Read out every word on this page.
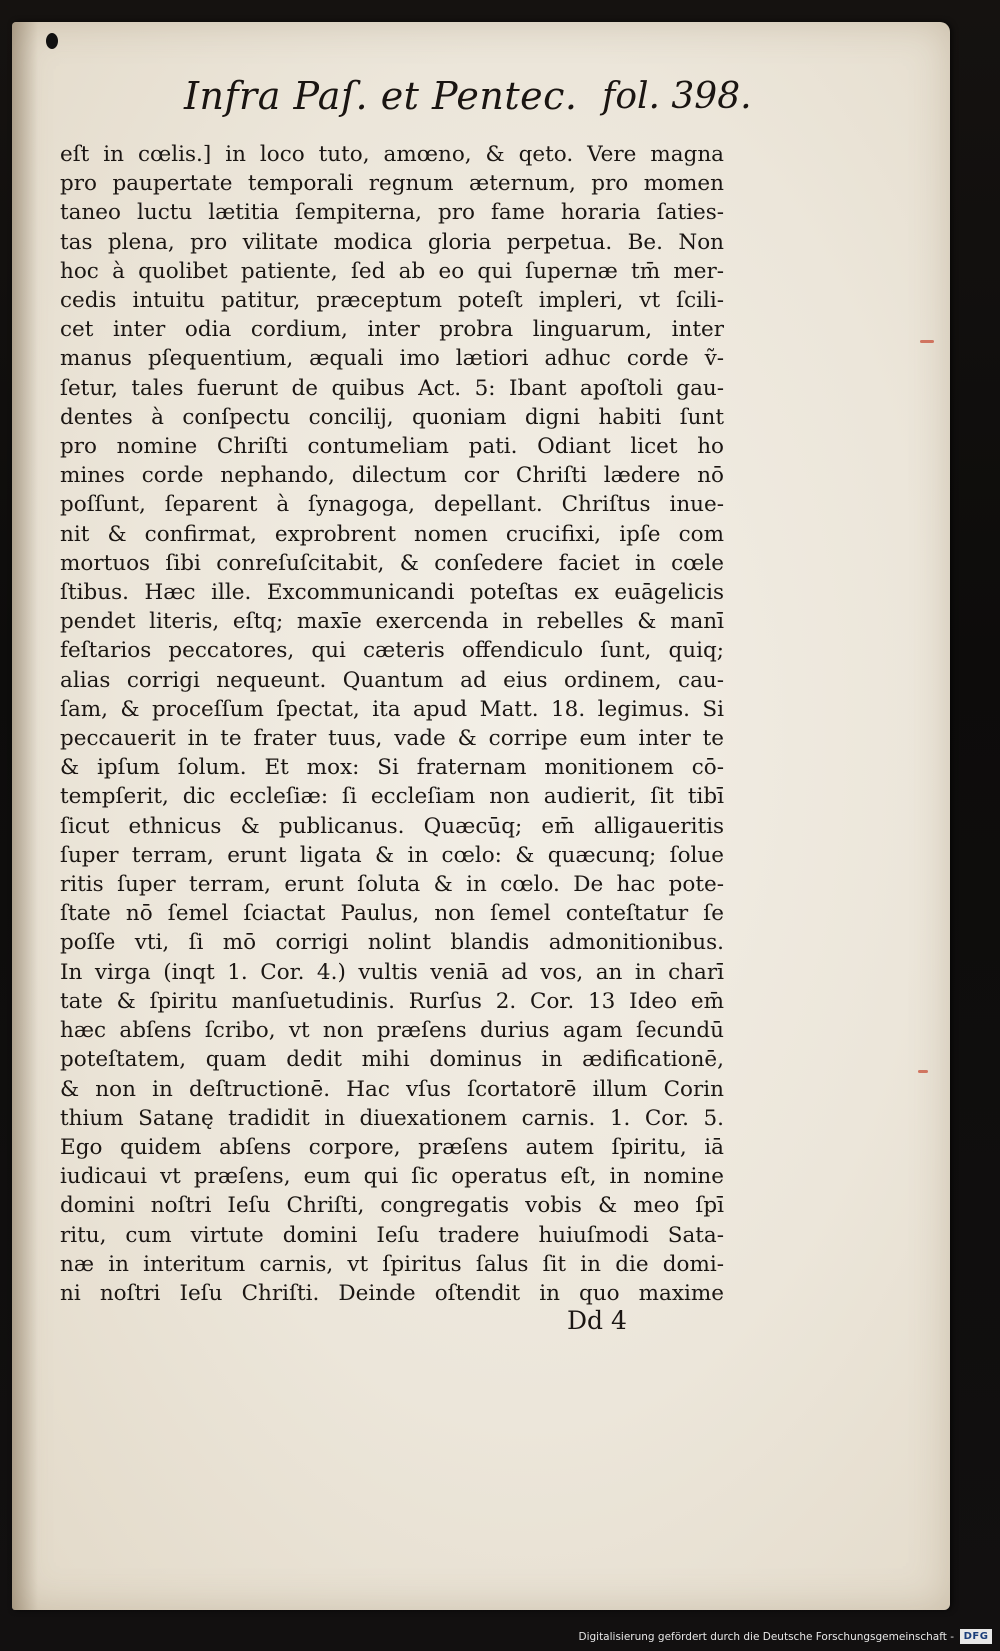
Infra Paſ. et Pentec. fol. 398.
eſt in cœlis.] in loco tuto, amœno, & qeto. Vere magna
pro paupertate temporali regnum æternum, pro momen
taneo luctu lætitia ſempiterna, pro fame horaria ſaties-
tas plena, pro vilitate modica gloria perpetua. Be. Non
hoc à quolibet patiente, ſed ab eo qui ſupernæ tm̄ mer-
cedis intuitu patitur, præceptum poteſt impleri, vt ſcili-
cet inter odia cordium, inter probra linguarum, inter
manus pſequentium, æquali imo lætiori adhuc corde ṽ-
ſetur, tales fuerunt de quibus Act. 5: Ibant apoſtoli gau-
dentes à conſpectu concilij, quoniam digni habiti ſunt
pro nomine Chriſti contumeliam pati. Odiant licet ho
mines corde nephando, dilectum cor Chriſti lædere nō
poſſunt, ſeparent à ſynagoga, depellant. Chriſtus inue-
nit & confirmat, exprobrent nomen crucifixi, ipſe com
mortuos ſibi conreſuſcitabit, & conſedere faciet in cœle
ſtibus. Hæc ille. Excommunicandi poteſtas ex euāgelicis
pendet literis, eſtq; maxīe exercenda in rebelles & manī
feſtarios peccatores, qui cæteris offendiculo ſunt, quiq;
alias corrigi nequeunt. Quantum ad eius ordinem, cau-
ſam, & proceſſum ſpectat, ita apud Matt. 18. legimus. Si
peccauerit in te frater tuus, vade & corripe eum inter te
& ipſum ſolum. Et mox: Si fraternam monitionem cō-
tempſerit, dic eccleſiæ: ſi eccleſiam non audierit, ſit tibī
ſicut ethnicus & publicanus. Quæcūq; em̄ alligaueritis
ſuper terram, erunt ligata & in cœlo: & quæcunq; ſolue
ritis ſuper terram, erunt ſoluta & in cœlo. De hac pote-
ſtate nō ſemel ſciactat Paulus, non ſemel conteſtatur ſe
poſſe vti, ſi mō corrigi nolint blandis admonitionibus.
In virga (inqt 1. Cor. 4.) vultis veniā ad vos, an in charī
tate & ſpiritu manſuetudinis. Rurſus 2. Cor. 13 Ideo em̄
hæc abſens ſcribo, vt non præſens durius agam ſecundū
poteſtatem, quam dedit mihi dominus in ædificationē,
& non in deſtructionē. Hac vſus ſcortatorē illum Corin
thium Satanę tradidit in diuexationem carnis. 1. Cor. 5.
Ego quidem abſens corpore, præſens autem ſpiritu, iā
iudicaui vt præſens, eum qui ſic operatus eſt, in nomine
domini noſtri Ieſu Chriſti, congregatis vobis & meo ſpī
ritu, cum virtute domini Ieſu tradere huiuſmodi Sata-
næ in interitum carnis, vt ſpiritus ſalus ſit in die domi-
ni noſtri Ieſu Chriſti. Deinde oſtendit in quo maxime
Dd 4
Digitalisierung gefördert durch die Deutsche Forschungsgemeinschaft - DFG
